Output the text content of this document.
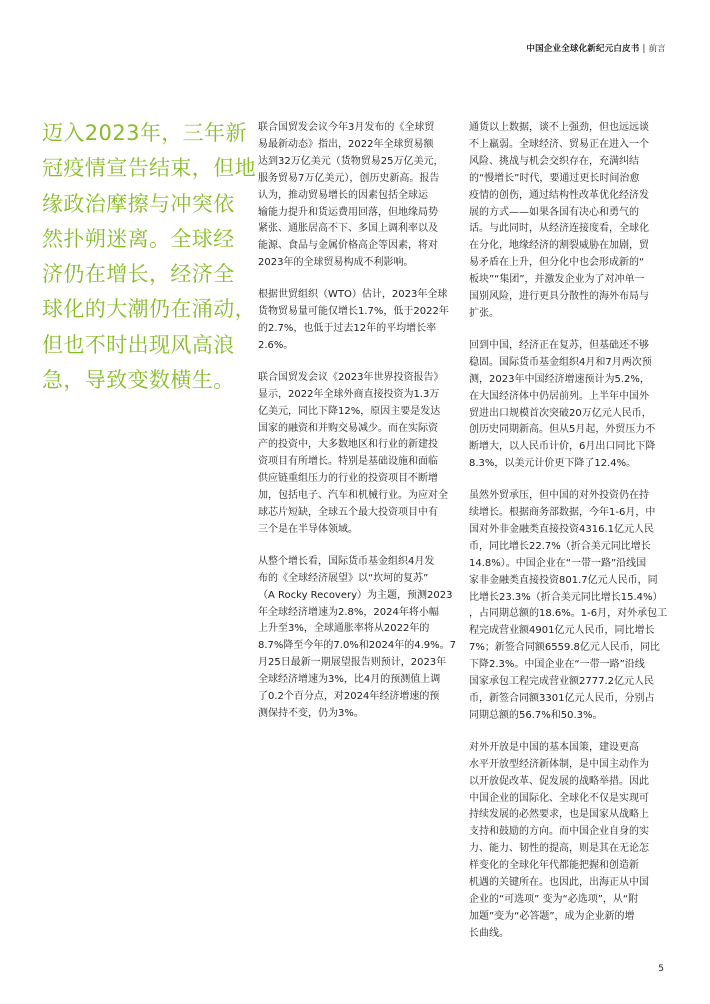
中国企业全球化新纪元白皮书 | 前言

迈入2023年，三年新

冠疫情宣告结束，但地

缘政治摩擦与冲突依

然扑朔迷离。全球经

济仍在增长，经济全

球化的大潮仍在涌动，

但也不时出现风高浪

急，导致变数横生。

联合国贸发会议今年3月发布的《全球贸
易最新动态》指出，2022年全球贸易额
达到32万亿美元（货物贸易25万亿美元，
服务贸易7万亿美元），创历史新高。报告
认为，推动贸易增长的因素包括全球运
输能力提升和货运费用回落，但地缘局势
紧张、通胀居高不下、多国上调利率以及
能源、食品与金属价格高企等因素，将对
2023年的全球贸易构成不利影响。
根据世贸组织（WTO）估计，2023年全球
货物贸易量可能仅增长1.7%，低于2022年
的2.7%，也低于过去12年的平均增长率
2.6%。
联合国贸发会议《2023年世界投资报告》
显示，2022年全球外商直接投资为1.3万
亿美元，同比下降12%，原因主要是发达
国家的融资和并购交易减少。而在实际资
产的投资中，大多数地区和行业的新建投
资项目有所增长。特别是基础设施和面临
供应链重组压力的行业的投资项目不断增
加，包括电子、汽车和机械行业。为应对全
球芯片短缺，全球五个最大投资项目中有
三个是在半导体领域。
从整个增长看，国际货币基金组织4月发
布的《全球经济展望》以“坎坷的复苏”
（A Rocky Recovery）为主题，预测2023
年全球经济增速为2.8%，2024年将小幅
上升至3%，全球通胀率将从2022年的
8.7%降至今年的7.0%和2024年的4.9%。7
月25日最新一期展望报告则预计，2023年
全球经济增速为3%，比4月的预测值上调
了0.2个百分点，对2024年经济增速的预
测保持不变，仍为3%。
通货以上数据，谈不上强劲，但也远远谈
不上羸弱。全球经济、贸易正在进入一个
风险、挑战与机会交织存在，充满纠结
的“慢增长”时代，要通过更长时间治愈
疫情的创伤，通过结构性改革优化经济发
展的方式——如果各国有决心和勇气的
话。与此同时，从经济连接度看，全球化
在分化，地缘经济的割裂威胁在加剧，贸
易矛盾在上升，但分化中也会形成新的“
板块”“集团”，并激发企业为了对冲单一
国别风险，进行更具分散性的海外布局与
扩张。
回到中国，经济正在复苏，但基础还不够
稳固。国际货币基金组织4月和7月两次预
测，2023年中国经济增速预计为5.2%，
在大国经济体中仍居前列。上半年中国外
贸进出口规模首次突破20万亿元人民币，
创历史同期新高。但从5月起，外贸压力不
断增大，以人民币计价，6月出口同比下降
8.3%，以美元计价更下降了12.4%。
虽然外贸承压，但中国的对外投资仍在持
续增长。根据商务部数据，今年1-6月，中
国对外非金融类直接投资4316.1亿元人民
币，同比增长22.7%（折合美元同比增长
14.8%）。中国企业在“一带一路”沿线国
家非金融类直接投资801.7亿元人民币，同
比增长23.3%（折合美元同比增长15.4%）
，占同期总额的18.6%。1-6月，对外承包工
程完成营业额4901亿元人民币，同比增长
7%；新签合同额6559.8亿元人民币，同比
下降2.3%。中国企业在“一带一路”沿线
国家承包工程完成营业额2777.2亿元人民
币，新签合同额3301亿元人民币，分别占
同期总额的56.7%和50.3%。
对外开放是中国的基本国策，建设更高
水平开放型经济新体制，是中国主动作为
以开放促改革、促发展的战略举措。因此
中国企业的国际化、全球化不仅是实现可
持续发展的必然要求，也是国家从战略上
支持和鼓励的方向。而中国企业自身的实
力、能力、韧性的提高，则是其在无论怎
样变化的全球化年代都能把握和创造新
机遇的关键所在。也因此，出海正从中国
企业的“可选项” 变为“必选项”，从“附
加题”变为“必答题”，成为企业新的增
长曲线。
5
